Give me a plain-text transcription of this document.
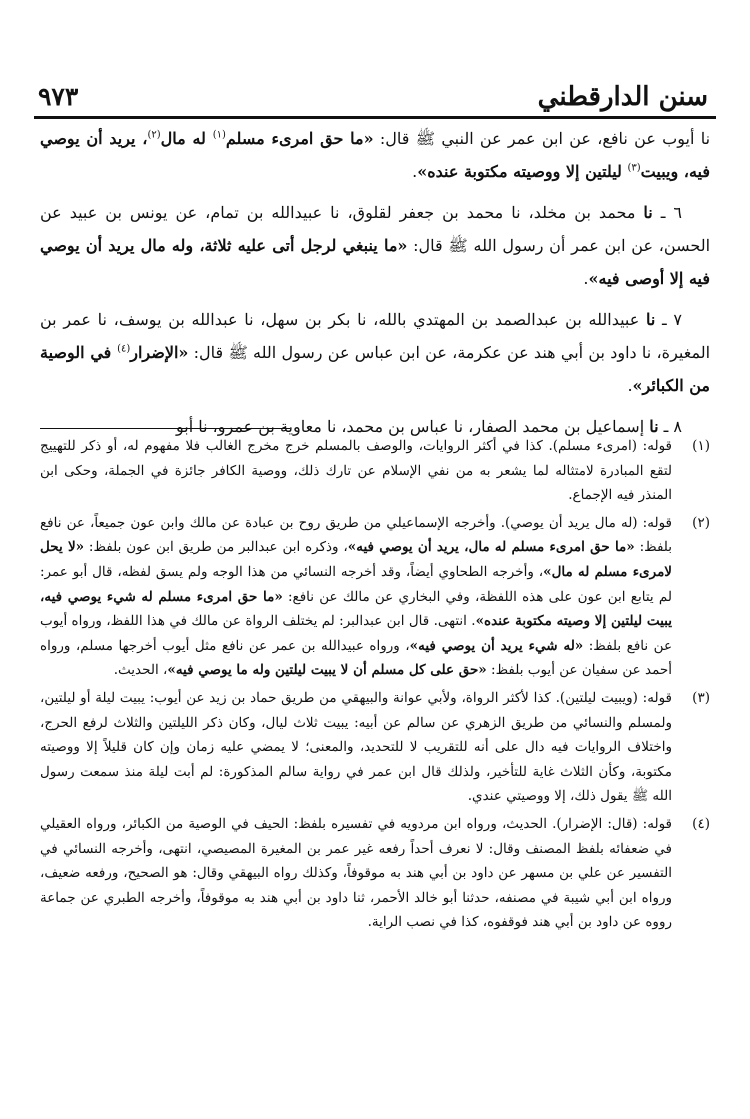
سنن الدارقطني
٩٧٣

نا أيوب عن نافع، عن ابن عمر عن النبي ﷺ قال: «ما حق امرىء مسلم$^{(١)}$ له مال$^{(٢)}$، يريد أن يوصي فيه، ويبيت$^{(٣)}$ ليلتين إلا ووصيته مكتوبة عنده».

٦ ـ نا محمد بن مخلد، نا محمد بن جعفر لقلوق، نا عبيدالله بن تمام، عن يونس بن عبيد عن الحسن، عن ابن عمر أن رسول الله ﷺ قال: «ما ينبغي لرجل أتى عليه ثلاثة، وله مال يريد أن يوصي فيه إلا أوصى فيه».

٧ ـ نا عبيدالله بن عبدالصمد بن المهتدي بالله، نا بكر بن سهل، نا عبدالله بن يوسف، نا عمر بن المغيرة، نا داود بن أبي هند عن عكرمة، عن ابن عباس عن رسول الله ﷺ قال: «الإضرار$^{(٤)}$ في الوصية من الكبائر».

٨ ـ نا إسماعيل بن محمد الصفار، نا عباس بن محمد، نا معاوية بن عمرو، نا أبو

(١)
قوله: (امرىء مسلم). كذا في أكثر الروايات، والوصف بالمسلم خرج مخرج الغالب فلا مفهوم له، أو ذكر للتهييج لتقع المبادرة لامتثاله لما يشعر به من نفي الإسلام عن تارك ذلك، ووصية الكافر جائزة في الجملة، وحكى ابن المنذر فيه الإجماع.
(٢)
قوله: (له مال يريد أن يوصي). وأخرجه الإسماعيلي من طريق روح بن عبادة عن مالك وابن عون جميعاً، عن نافع بلفظ: «ما حق امرىء مسلم له مال، يريد أن يوصي فيه»، وذكره ابن عبدالبر من طريق ابن عون بلفظ: «لا يحل لامرىء مسلم له مال»، وأخرجه الطحاوي أيضاً، وقد أخرجه النسائي من هذا الوجه ولم يسق لفظه، قال أبو عمر: لم يتابع ابن عون على هذه اللفظة، وفي البخاري عن مالك عن نافع: «ما حق امرىء مسلم له شيء يوصي فيه، يبيت ليلتين إلا وصيته مكتوبة عنده». انتهى. قال ابن عبدالبر: لم يختلف الرواة عن مالك في هذا اللفظ، ورواه أيوب عن نافع بلفظ: «له شيء يريد أن يوصي فيه»، ورواه عبيدالله بن عمر عن نافع مثل أيوب أخرجها مسلم، ورواه أحمد عن سفيان عن أيوب بلفظ: «حق على كل مسلم أن لا يبيت ليلتين وله ما يوصي فيه»، الحديث.
(٣)
قوله: (ويبيت ليلتين). كذا لأكثر الرواة، ولأبي عوانة والبيهقي من طريق حماد بن زيد عن أيوب: يبيت ليلة أو ليلتين، ولمسلم والنسائي من طريق الزهري عن سالم عن أبيه: يبيت ثلاث ليال، وكان ذكر الليلتين والثلاث لرفع الحرج، واختلاف الروايات فيه دال على أنه للتقريب لا للتحديد، والمعنى؛ لا يمضي عليه زمان وإن كان قليلاً إلا ووصيته مكتوبة، وكأن الثلاث غاية للتأخير، ولذلك قال ابن عمر في رواية سالم المذكورة: لم أبت ليلة منذ سمعت رسول الله ﷺ يقول ذلك، إلا ووصيتي عندي.
(٤)
قوله: (قال: الإضرار). الحديث، ورواه ابن مردويه في تفسيره بلفظ: الحيف في الوصية من الكبائر، ورواه العقيلي في ضعفائه بلفظ المصنف وقال: لا نعرف أحداً رفعه غير عمر بن المغيرة المصيصي، انتهى، وأخرجه النسائي في التفسير عن علي بن مسهر عن داود بن أبي هند به موقوفاً، وكذلك رواه البيهقي وقال: هو الصحيح، ورفعه ضعيف، ورواه ابن أبي شيبة في مصنفه، حدثنا أبو خالد الأحمر، ثنا داود بن أبي هند به موقوفاً، وأخرجه الطبري عن جماعة رووه عن داود بن أبي هند فوقفوه، كذا في نصب الراية.
